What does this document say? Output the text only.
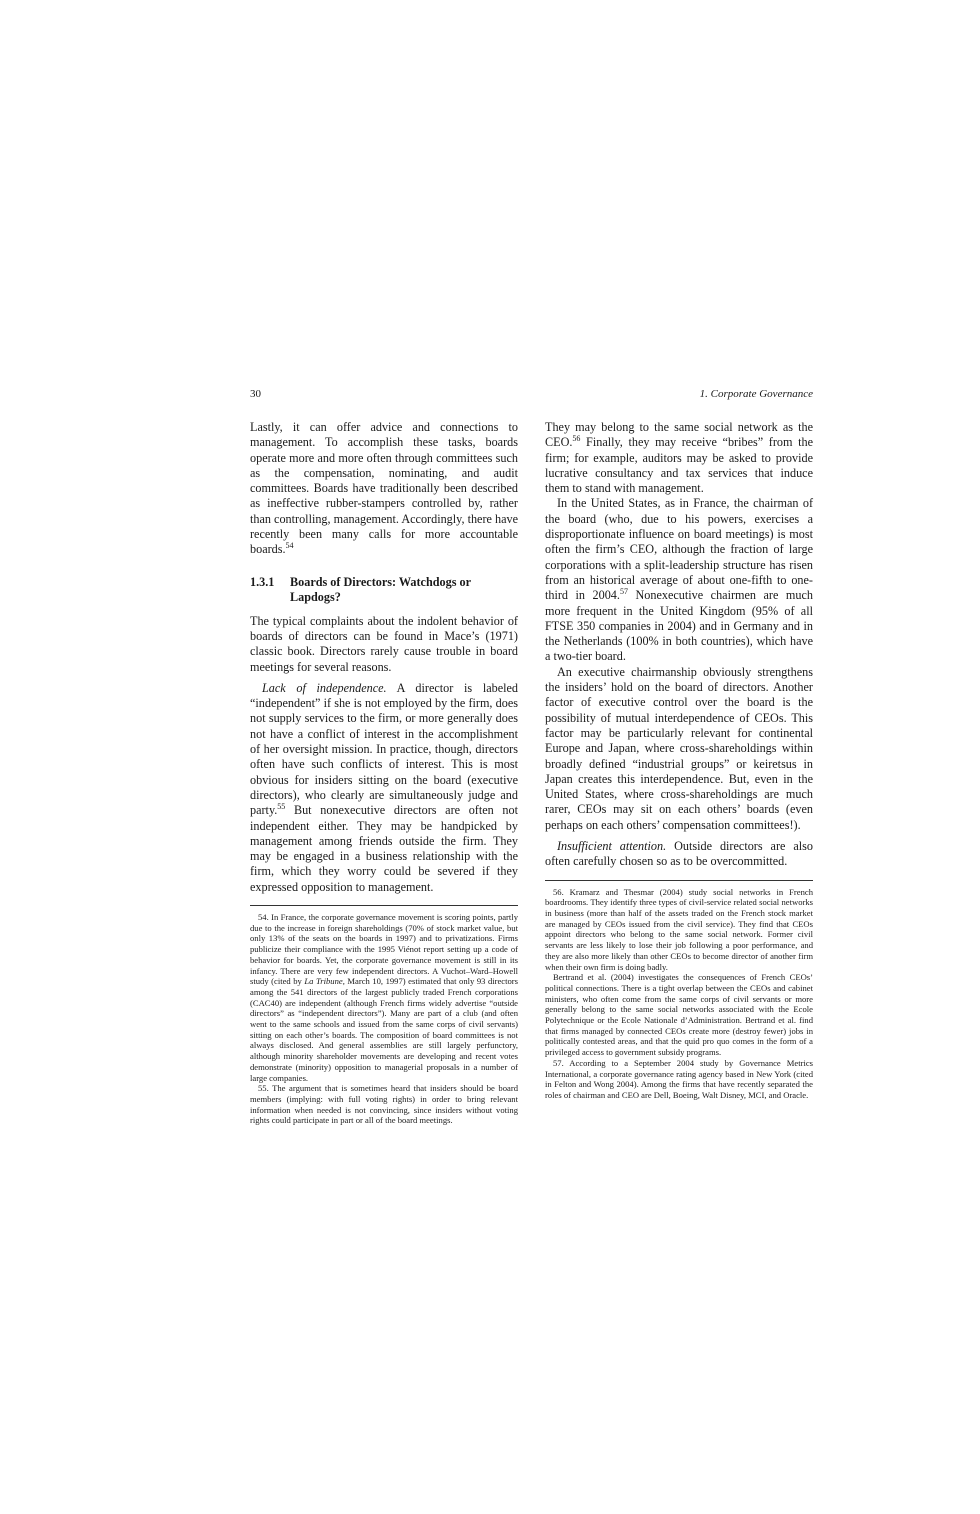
30	1. Corporate Governance

Lastly, it can offer advice and connections to management. To accomplish these tasks, boards operate more and more often through committees such as the compensation, nominating, and audit committees. Boards have traditionally been described as ineffective rubber-stampers controlled by, rather than controlling, management. Accordingly, there have recently been many calls for more accountable boards.$^{54}$

1.3.1	Boards of Directors: Watchdogs or Lapdogs?

The typical complaints about the indolent behavior of boards of directors can be found in Mace’s (1971) classic book. Directors rarely cause trouble in board meetings for several reasons.

Lack of independence. A director is labeled “independent” if she is not employed by the firm, does not supply services to the firm, or more generally does not have a conflict of interest in the accomplishment of her oversight mission. In practice, though, directors often have such conflicts of interest. This is most obvious for insiders sitting on the board (executive directors), who clearly are simultaneously judge and party.$^{55}$ But nonexecutive directors are often not independent either. They may be handpicked by management among friends outside the firm. They may be engaged in a business relationship with the firm, which they worry could be severed if they expressed opposition to management.

54. In France, the corporate governance movement is scoring points, partly due to the increase in foreign shareholdings (70% of stock market value, but only 13% of the seats on the boards in 1997) and to privatizations. Firms publicize their compliance with the 1995 Viénot report setting up a code of behavior for boards. Yet, the corporate governance movement is still in its infancy. There are very few independent directors. A Vuchot–Ward–Howell study (cited by La Tribune, March 10, 1997) estimated that only 93 directors among the 541 directors of the largest publicly traded French corporations (CAC40) are independent (although French firms widely advertise “outside directors” as “independent directors”). Many are part of a club (and often went to the same schools and issued from the same corps of civil servants) sitting on each other’s boards. The composition of board committees is not always disclosed. And general assemblies are still largely perfunctory, although minority shareholder movements are developing and recent votes demonstrate (minority) opposition to managerial proposals in a number of large companies.

55. The argument that is sometimes heard that insiders should be board members (implying: with full voting rights) in order to bring relevant information when needed is not convincing, since insiders without voting rights could participate in part or all of the board meetings.

They may belong to the same social network as the CEO.$^{56}$ Finally, they may receive “bribes” from the firm; for example, auditors may be asked to provide lucrative consultancy and tax services that induce them to stand with management.

In the United States, as in France, the chairman of the board (who, due to his powers, exercises a disproportionate influence on board meetings) is most often the firm’s CEO, although the fraction of large corporations with a split-leadership structure has risen from an historical average of about one-fifth to one-third in 2004.57 Nonexecutive chairmen are much more frequent in the United Kingdom (95% of all FTSE 350 companies in 2004) and in Germany and in the Netherlands (100% in both countries), which have a two-tier board.

An executive chairmanship obviously strengthens the insiders’ hold on the board of directors. Another factor of executive control over the board is the possibility of mutual interdependence of CEOs. This factor may be particularly relevant for continental Europe and Japan, where cross-shareholdings within broadly defined “industrial groups” or keiretsus in Japan creates this interdependence. But, even in the United States, where cross-shareholdings are much rarer, CEOs may sit on each others’ boards (even perhaps on each others’ compensation committees!).

Insufficient attention. Outside directors are also often carefully chosen so as to be overcommitted.

56. Kramarz and Thesmar (2004) study social networks in French boardrooms. They identify three types of civil-service related social networks in business (more than half of the assets traded on the French stock market are managed by CEOs issued from the civil service). They find that CEOs appoint directors who belong to the same social network. Former civil servants are less likely to lose their job following a poor performance, and they are also more likely than other CEOs to become director of another firm when their own firm is doing badly.

Bertrand et al. (2004) investigates the consequences of French CEOs’ political connections. There is a tight overlap between the CEOs and cabinet ministers, who often come from the same corps of civil servants or more generally belong to the same social networks associated with the Ecole Polytechnique or the Ecole Nationale d’Administration. Bertrand et al. find that firms managed by connected CEOs create more (destroy fewer) jobs in politically contested areas, and that the quid pro quo comes in the form of a privileged access to government subsidy programs.

57. According to a September 2004 study by Governance Metrics International, a corporate governance rating agency based in New York (cited in Felton and Wong 2004). Among the firms that have recently separated the roles of chairman and CEO are Dell, Boeing, Walt Disney, MCI, and Oracle.
